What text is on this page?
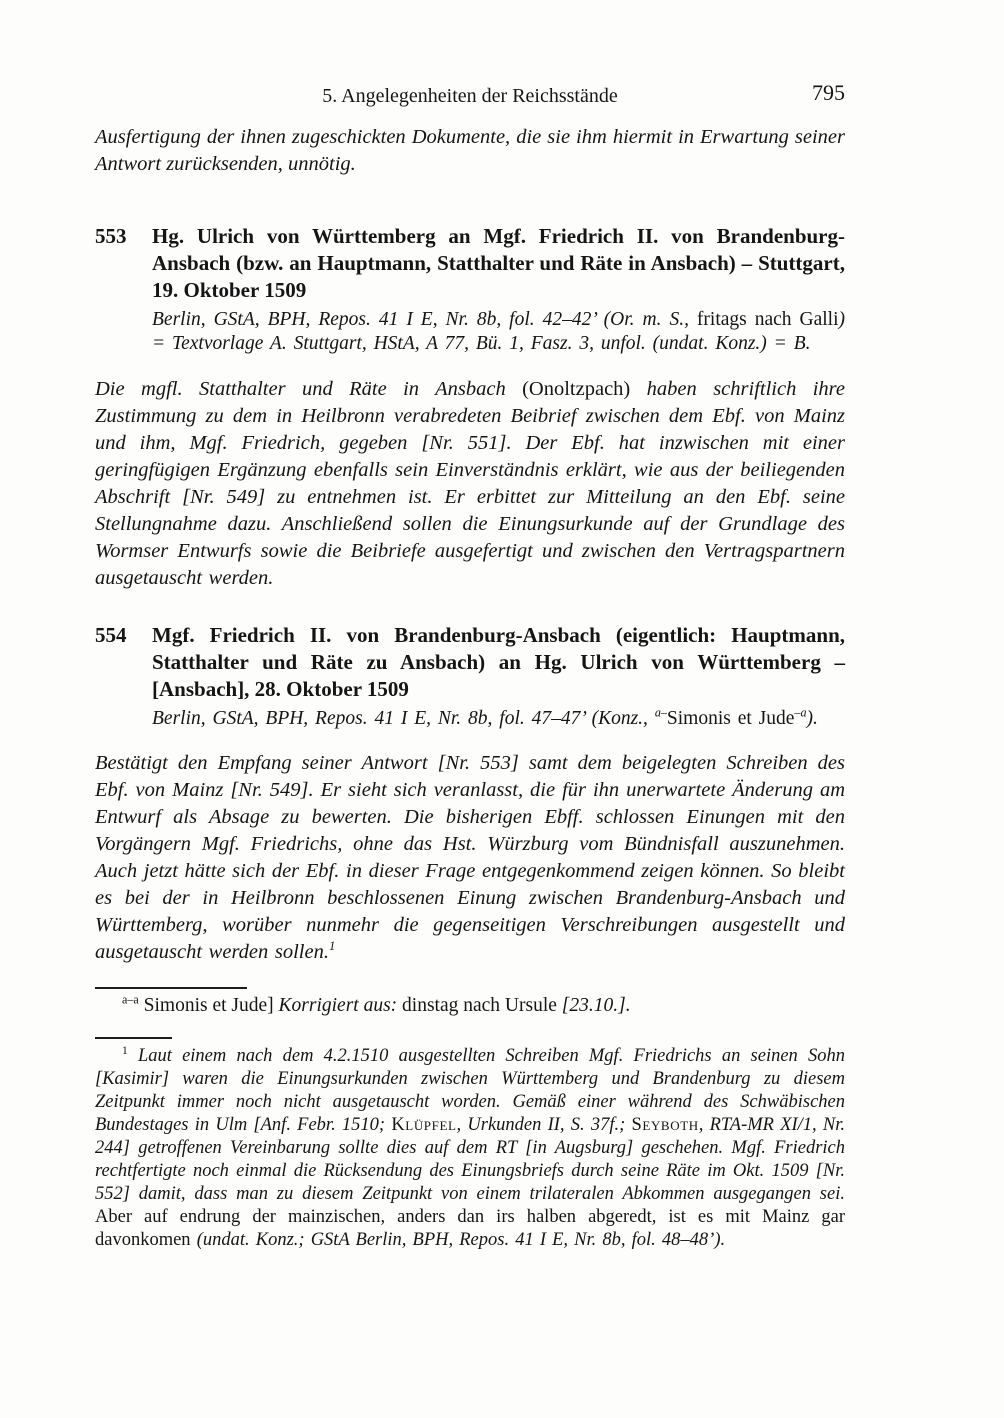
5. Angelegenheiten der Reichsstände	795

Ausfertigung der ihnen zugeschickten Dokumente, die sie ihm hiermit in Erwartung seiner Antwort zurücksenden, unnötig.

553 Hg. Ulrich von Württemberg an Mgf. Friedrich II. von Brandenburg-Ansbach (bzw. an Hauptmann, Statthalter und Räte in Ansbach) – Stuttgart, 19. Oktober 1509

Berlin, GStA, BPH, Repos. 41 I E, Nr. 8b, fol. 42–42’ (Or. m. S., fritags nach Galli) = Textvorlage A. Stuttgart, HStA, A 77, Bü. 1, Fasz. 3, unfol. (undat. Konz.) = B.

Die mgfl. Statthalter und Räte in Ansbach (Onoltzpach) haben schriftlich ihre Zustimmung zu dem in Heilbronn verabredeten Beibrief zwischen dem Ebf. von Mainz und ihm, Mgf. Friedrich, gegeben [Nr. 551]. Der Ebf. hat inzwischen mit einer geringfügigen Ergänzung ebenfalls sein Einverständnis erklärt, wie aus der beiliegenden Abschrift [Nr. 549] zu entnehmen ist. Er erbittet zur Mitteilung an den Ebf. seine Stellungnahme dazu. Anschließend sollen die Einungsurkunde auf der Grundlage des Wormser Entwurfs sowie die Beibriefe ausgefertigt und zwischen den Vertragspartnern ausgetauscht werden.

554 Mgf. Friedrich II. von Brandenburg-Ansbach (eigentlich: Hauptmann, Statthalter und Räte zu Ansbach) an Hg. Ulrich von Württemberg – [Ansbach], 28. Oktober 1509

Berlin, GStA, BPH, Repos. 41 I E, Nr. 8b, fol. 47–47’ (Konz., $^{a-}$Simonis et Jude$^{-a}$).

Bestätigt den Empfang seiner Antwort [Nr. 553] samt dem beigelegten Schreiben des Ebf. von Mainz [Nr. 549]. Er sieht sich veranlasst, die für ihn unerwartete Änderung am Entwurf als Absage zu bewerten. Die bisherigen Ebff. schlossen Einungen mit den Vorgängern Mgf. Friedrichs, ohne das Hst. Würzburg vom Bündnisfall auszunehmen. Auch jetzt hätte sich der Ebf. in dieser Frage entgegenkommend zeigen können. So bleibt es bei der in Heilbronn beschlossenen Einung zwischen Brandenburg-Ansbach und Württemberg, worüber nunmehr die gegenseitigen Verschreibungen ausgestellt und ausgetauscht werden sollen.$^1$

$^{a-a}$ Simonis et Jude] Korrigiert aus: dinstag nach Ursule [23.10.].

$^1$ Laut einem nach dem 4.2.1510 ausgestellten Schreiben Mgf. Friedrichs an seinen Sohn [Kasimir] waren die Einungsurkunden zwischen Württemberg und Brandenburg zu diesem Zeitpunkt immer noch nicht ausgetauscht worden. Gemäß einer während des Schwäbischen Bundestages in Ulm [Anf. Febr. 1510; Klüpfel, Urkunden II, S. 37f.; Seyboth, RTA-MR XI/1, Nr. 244] getroffenen Vereinbarung sollte dies auf dem RT [in Augsburg] geschehen. Mgf. Friedrich rechtfertigte noch einmal die Rücksendung des Einungsbriefs durch seine Räte im Okt. 1509 [Nr. 552] damit, dass man zu diesem Zeitpunkt von einem trilateralen Abkommen ausgegangen sei. Aber auf endrung der mainzischen, anders dan irs halben abgeredt, ist es mit Mainz gar davonkomen (undat. Konz.; GStA Berlin, BPH, Repos. 41 I E, Nr. 8b, fol. 48–48’).
